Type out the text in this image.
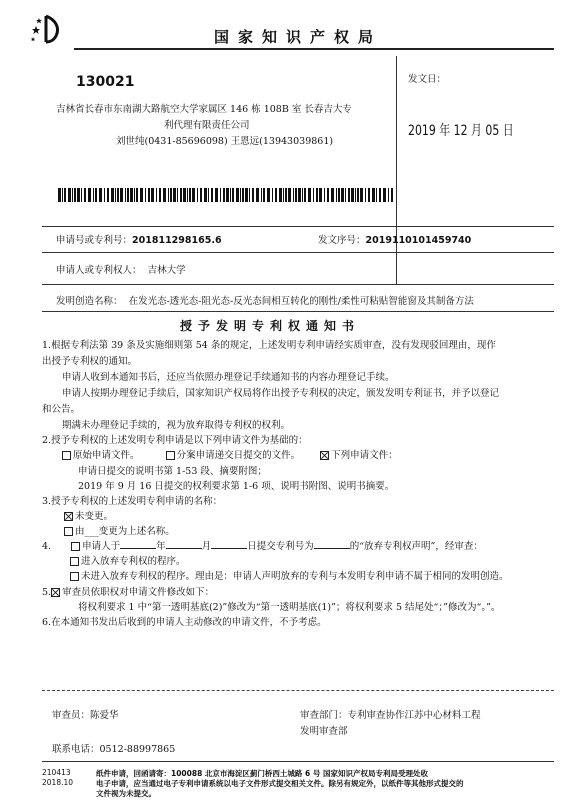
国家知识产权局
130021
吉林省长春市东南湖大路航空大学家属区 146 栋 108B 室 长春吉大专
利代理有限责任公司
刘世纯(0431-85696098) 王恩远(13943039861)
发文日：
2019 年 12 月 05 日
申请号或专利号：201811298165.6	发文序号：2019110101459740
申请人或专利权人： 吉林大学
发明创造名称： 在发光态-透光态-阻光态-反光态间相互转化的刚性/柔性可粘贴智能窗及其制备方法
授予发明专利权通知书
1.根据专利法第 39 条及实施细则第 54 条的规定，上述发明专利申请经实质审查，没有发现驳回理由，现作
出授予专利权的通知。
申请人收到本通知书后，还应当依照办理登记手续通知书的内容办理登记手续。
申请人按期办理登记手续后，国家知识产权局将作出授予专利权的决定，颁发发明专利证书，并予以登记
和公告。
期满未办理登记手续的，视为放弃取得专利权的权利。
2.授予专利权的上述发明专利申请是以下列申请文件为基础的：
原始申请文件。	分案申请递交日提交的文件。	下列申请文件：
申请日提交的说明书第 1-53 段、摘要附图；
2019 年 9 月 16 日提交的权利要求第 1-6 项、说明书附图、说明书摘要。
3.授予专利权的上述发明专利申请的名称：
未变更。
由___变更为上述名称。
4.	申请人于	年	月	日提交专利号为	的“放弃专利权声明”，经审查：
进入放弃专利权的程序。
未进入放弃专利权的程序。理由是：申请人声明放弃的专利与本发明专利申请不属于相同的发明创造。
5. 审查员依职权对申请文件修改如下：
将权利要求 1 中“第一透明基底(2)”修改为“第一透明基底(1)”；将权利要求 5 结尾处“；”修改为“。”。
6.在本通知书发出后收到的申请人主动修改的申请文件，不予考虑。
审查员：陈爱华	审查部门：专利审查协作江苏中心材料工程
发明审查部
联系电话：0512-88997865
210413
2018.10
纸件申请，回函请寄：100088 北京市海淀区蓟门桥西土城路 6 号 国家知识产权局专利局受理处收
电子申请，应当通过电子专利申请系统以电子文件形式提交相关文件。除另有规定外，以纸件等其他形式提交的
文件视为未提交。
